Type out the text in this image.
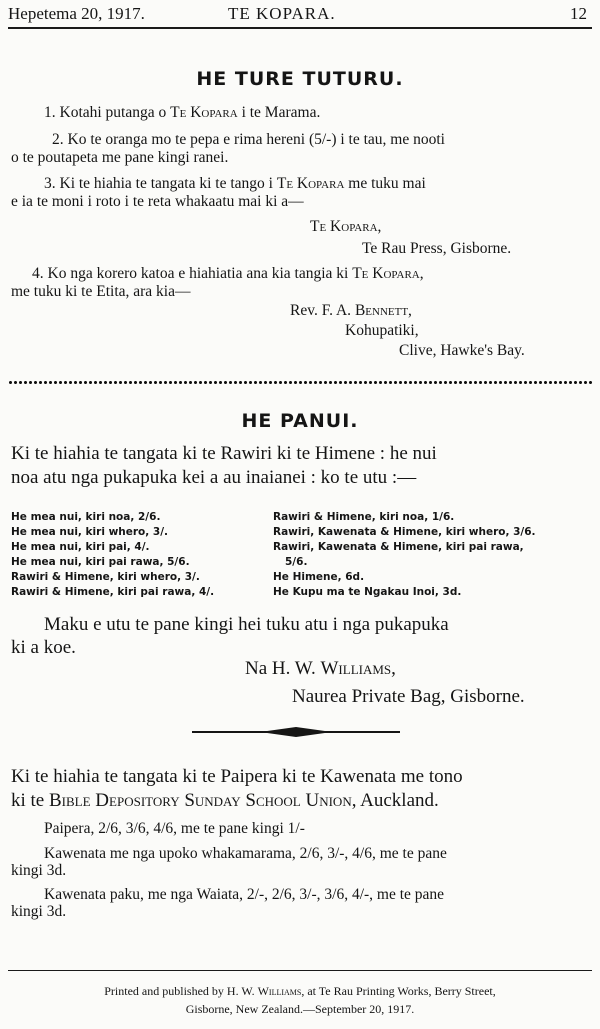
Hepetema 20, 1917.	TE KOPARA.	12
HE TURE TUTURU.
1. Kotahi putanga o Te Kopara i te Marama.
2. Ko te oranga mo te pepa e rima hereni (5/-) i te tau, me nooti
o te poutapeta me pane kingi ranei.
3. Ki te hiahia te tangata ki te tango i Te Kopara me tuku mai
e ia te moni i roto i te reta whakaatu mai ki a—
Te Kopara,
Te Rau Press, Gisborne.
4. Ko nga korero katoa e hiahiatia ana kia tangia ki Te Kopara,
me tuku ki te Etita, ara kia—
Rev. F. A. Bennett,
Kohupatiki,
Clive, Hawke's Bay.
HE PANUI.
Ki te hiahia te tangata ki te Rawiri ki te Himene : he nui
noa atu nga pukapuka kei a au inaianei : ko te utu :—
He mea nui, kiri noa, 2/6.
He mea nui, kiri whero, 3/.
He mea nui, kiri pai, 4/.
He mea nui, kiri pai rawa, 5/6.
Rawiri & Himene, kiri whero, 3/.
Rawiri & Himene, kiri pai rawa, 4/.
Rawiri & Himene, kiri noa, 1/6.
Rawiri, Kawenata & Himene, kiri whero, 3/6.
Rawiri, Kawenata & Himene, kiri pai rawa,
5/6.
He Himene, 6d.
He Kupu ma te Ngakau Inoi, 3d.
Maku e utu te pane kingi hei tuku atu i nga pukapuka
ki a koe.
Na H. W. Williams,
Naurea Private Bag, Gisborne.
Ki te hiahia te tangata ki te Paipera ki te Kawenata me tono
ki te Bible Depository Sunday School Union, Auckland.
Paipera, 2/6, 3/6, 4/6, me te pane kingi 1/-
Kawenata me nga upoko whakamarama, 2/6, 3/-, 4/6, me te pane
kingi 3d.
Kawenata paku, me nga Waiata, 2/-, 2/6, 3/-, 3/6, 4/-, me te pane
kingi 3d.
Printed and published by H. W. Williams, at Te Rau Printing Works, Berry Street,
Gisborne, New Zealand.—September 20, 1917.
